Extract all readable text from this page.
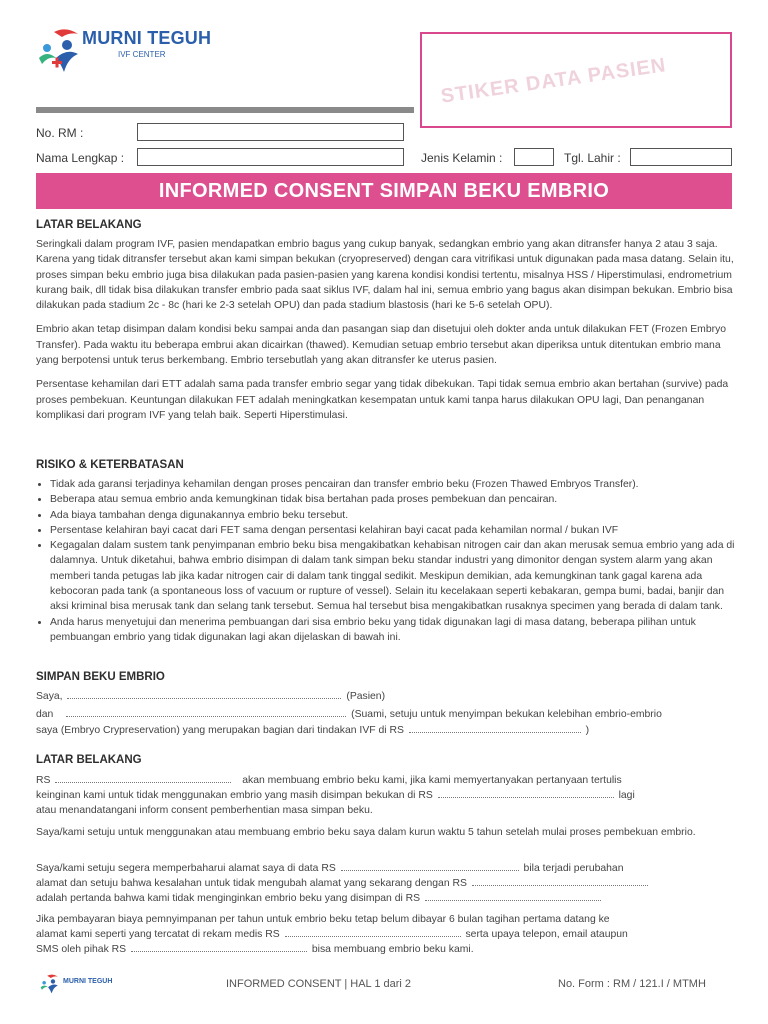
MURNI TEGUH
IVF CENTER	STIKER DATA PASIEN
No. RM :
Nama Lengkap :	Jenis Kelamin :	Tgl. Lahir :
INFORMED CONSENT SIMPAN BEKU EMBRIO
LATAR BELAKANG

Seringkali dalam program IVF, pasien mendapatkan embrio bagus yang cukup banyak, sedangkan embrio yang akan ditransfer hanya 2 atau 3 saja. Karena yang tidak ditransfer tersebut akan kami simpan bekukan (cryopreserved) dengan cara vitrifikasi untuk digunakan pada masa datang. Selain itu, proses simpan beku embrio juga bisa dilakukan pada pasien-pasien yang karena kondisi kondisi tertentu, misalnya HSS / Hiperstimulasi, endrometrium kurang baik, dll tidak bisa dilakukan transfer embrio pada saat siklus IVF, dalam hal ini, semua embrio yang bagus akan disimpan bekukan. Embrio bisa dilakukan pada stadium 2c - 8c (hari ke 2-3 setelah OPU) dan pada stadium blastosis (hari ke 5-6 setelah OPU).

Embrio akan tetap disimpan dalam kondisi beku sampai anda dan pasangan siap dan disetujui oleh dokter anda untuk dilakukan FET (Frozen Embryo Transfer). Pada waktu itu beberapa embrui akan dicairkan (thawed). Kemudian setuap embrio tersebut akan diperiksa untuk ditentukan embrio mana yang berpotensi untuk terus berkembang. Embrio tersebutlah yang akan ditransfer ke uterus pasien.

Persentase kehamilan dari ETT adalah sama pada transfer embrio segar yang tidak dibekukan. Tapi tidak semua embrio akan bertahan (survive) pada proses pembekuan. Keuntungan dilakukan FET adalah meningkatkan kesempatan untuk kami tanpa harus dilakukan OPU lagi, Dan penanganan komplikasi dari program IVF yang telah baik. Seperti Hiperstimulasi.

RISIKO & KETERBATASAN
• Tidak ada garansi terjadinya kehamilan dengan proses pencairan dan transfer embrio beku (Frozen Thawed Embryos Transfer).
• Beberapa atau semua embrio anda kemungkinan tidak bisa bertahan pada proses pembekuan dan pencairan.
• Ada biaya tambahan denga digunakannya embrio beku tersebut.
• Persentase kelahiran bayi cacat dari FET sama dengan persentasi kelahiran bayi cacat pada kehamilan normal / bukan IVF
• Kegagalan dalam sustem tank penyimpanan embrio beku bisa mengakibatkan kehabisan nitrogen cair dan akan merusak semua embrio yang ada di dalamnya. Untuk diketahui, bahwa embrio disimpan di dalam tank simpan beku standar industri yang dimonitor dengan system alarm yang akan memberi tanda petugas lab jika kadar nitrogen cair di dalam tank tinggal sedikit. Meskipun demikian, ada kemungkinan tank gagal karena ada kebocoran pada tank (a spontaneous loss of vacuum or rupture of vessel). Selain itu kecelakaan seperti kebakaran, gempa bumi, badai, banjir dan aksi kriminal bisa merusak tank dan selang tank tersebut. Semua hal tersebut bisa mengakibatkan rusaknya specimen yang berada di dalam tank.
• Anda harus menyetujui dan menerima pembuangan dari sisa embrio beku yang tidak digunakan lagi di masa datang, beberapa pilihan untuk pembuangan embrio yang tidak digunakan lagi akan dijelaskan di bawah ini.
SIMPAN BEKU EMBRIO
Saya,	(Pasien)
dan	(Suami, setuju untuk menyimpan bekukan kelebihan embrio-embrio
saya (Embryo Crypreservation) yang merupakan bagian dari tindakan IVF di RS	)
LATAR BELAKANG
RS	akan membuang embrio beku kami, jika kami memyertanyakan pertanyaan tertulis
keinginan kami untuk tidak menggunakan embrio yang masih disimpan bekukan di RS	lagi
atau menandatangani inform consent pemberhentian masa simpan beku.
Saya/kami setuju untuk menggunakan atau membuang embrio beku saya dalam kurun waktu 5 tahun setelah mulai proses pembekuan embrio.
Saya/kami setuju segera memperbaharui alamat saya di data RS	bila terjadi perubahan
alamat dan setuju bahwa kesalahan untuk tidak mengubah alamat yang sekarang dengan RS
adalah pertanda bahwa kami tidak menginginkan embrio beku yang disimpan di RS
Jika pembayaran biaya pemnyimpanan per tahun untuk embrio beku tetap belum dibayar 6 bulan tagihan pertama datang ke
alamat kami seperti yang tercatat di rekam medis RS	serta upaya telepon, email ataupun
SMS oleh pihak RS	bisa membuang embrio beku kami.
MURNI TEGUH	INFORMED CONSENT | HAL 1 dari 2	No. Form : RM / 121.I / MTMH
